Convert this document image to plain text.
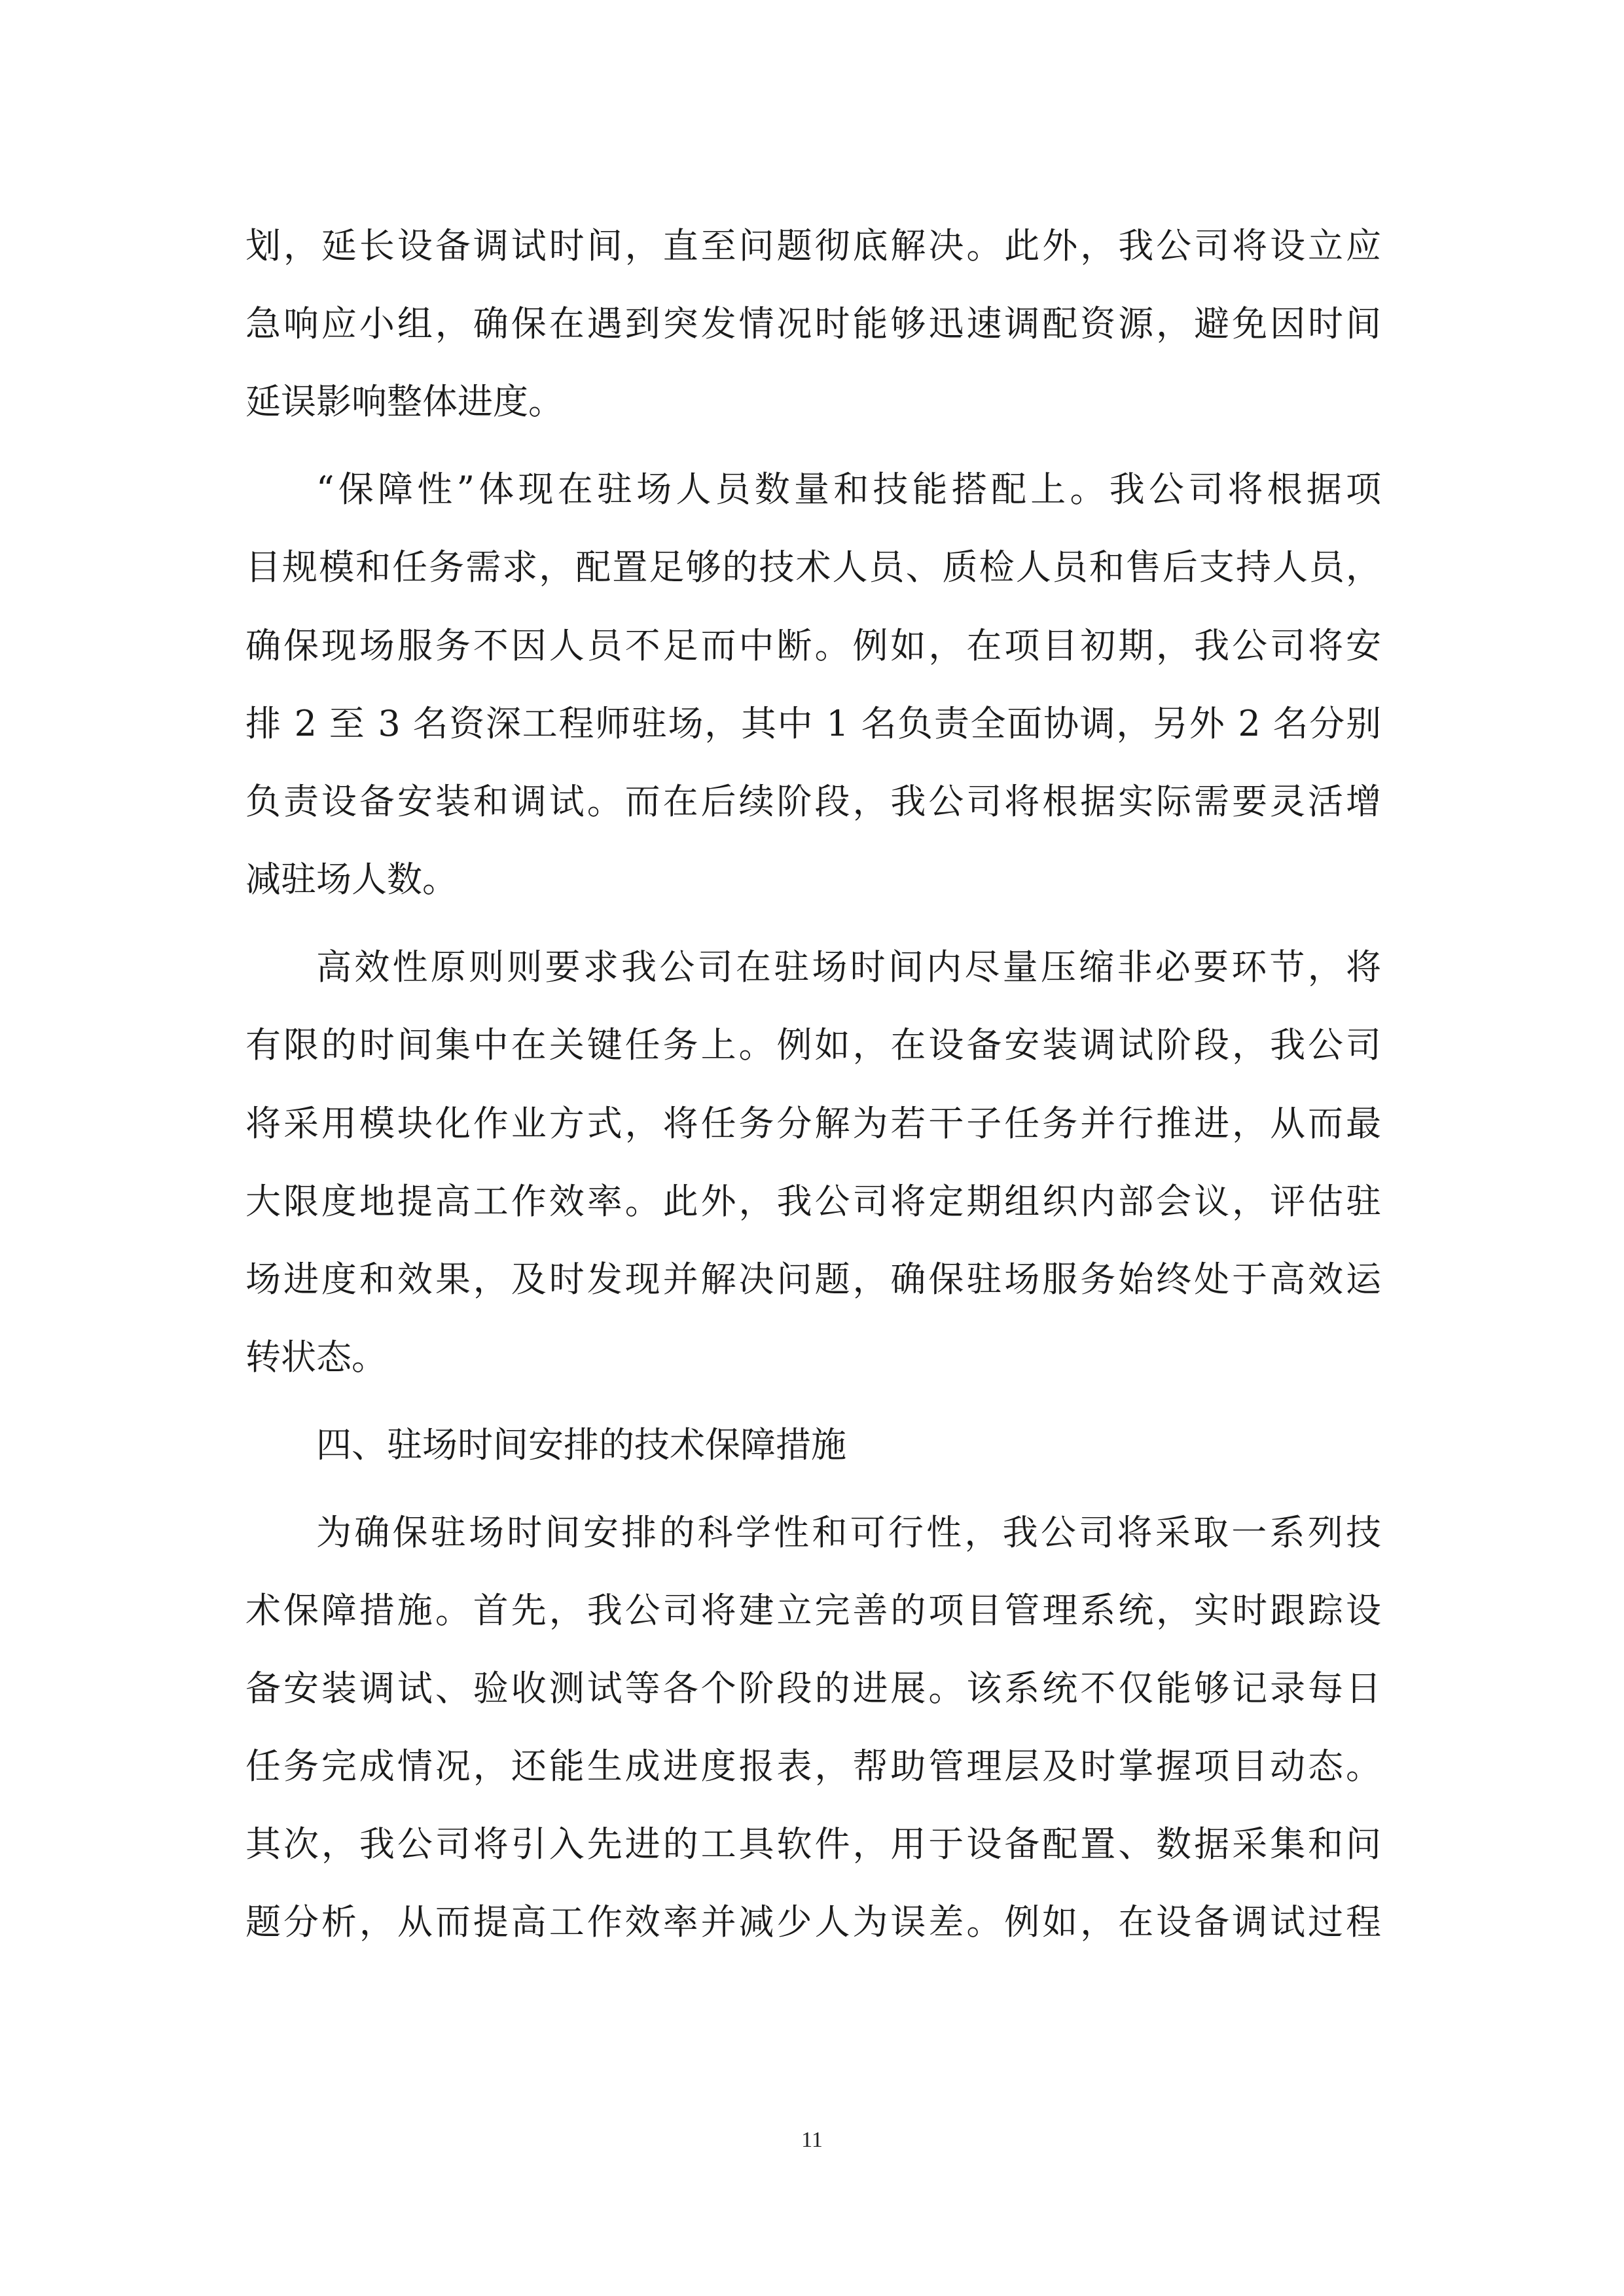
划，延长设备调试时间，直至问题彻底解决。此外，我公司将设立应
急响应小组，确保在遇到突发情况时能够迅速调配资源，避免因时间
延误影响整体进度。
“保障性”体现在驻场人员数量和技能搭配上。我公司将根据项
目规模和任务需求，配置足够的技术人员、质检人员和售后支持人员，
确保现场服务不因人员不足而中断。例如，在项目初期，我公司将安
排 2 至 3 名资深工程师驻场，其中 1 名负责全面协调，另外 2 名分别
负责设备安装和调试。而在后续阶段，我公司将根据实际需要灵活增
减驻场人数。
高效性原则则要求我公司在驻场时间内尽量压缩非必要环节，将
有限的时间集中在关键任务上。例如，在设备安装调试阶段，我公司
将采用模块化作业方式，将任务分解为若干子任务并行推进，从而最
大限度地提高工作效率。此外，我公司将定期组织内部会议，评估驻
场进度和效果，及时发现并解决问题，确保驻场服务始终处于高效运
转状态。
四、驻场时间安排的技术保障措施
为确保驻场时间安排的科学性和可行性，我公司将采取一系列技
术保障措施。首先，我公司将建立完善的项目管理系统，实时跟踪设
备安装调试、验收测试等各个阶段的进展。该系统不仅能够记录每日
任务完成情况，还能生成进度报表，帮助管理层及时掌握项目动态。
其次，我公司将引入先进的工具软件，用于设备配置、数据采集和问
题分析，从而提高工作效率并减少人为误差。例如，在设备调试过程
11
